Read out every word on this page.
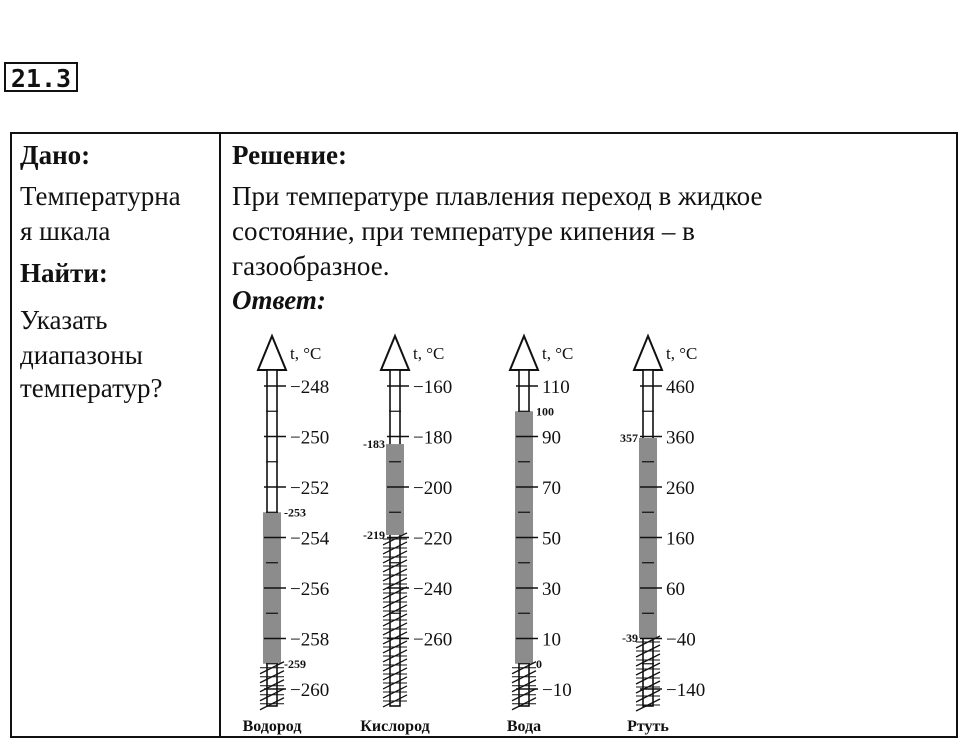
21.3
Дано:
Температурна
я шкала
Найти:
Указать
диапазоны
температур?
Решение:
При температуре плавления переход в жидкое
состояние, при температуре кипения – в
газообразное.
Ответ:
t, °C
−248
−250
−252
−254
−256
−258
−260
-253
-259
Водород
t, °C
−160
−180
−200
−220
−240
−260
-183
-219
Кислород
t, °C
110
90
70
50
30
10
−10
100
0
Вода
t, °C
460
360
260
160
60
−40
−140
357
-39
Ртуть
